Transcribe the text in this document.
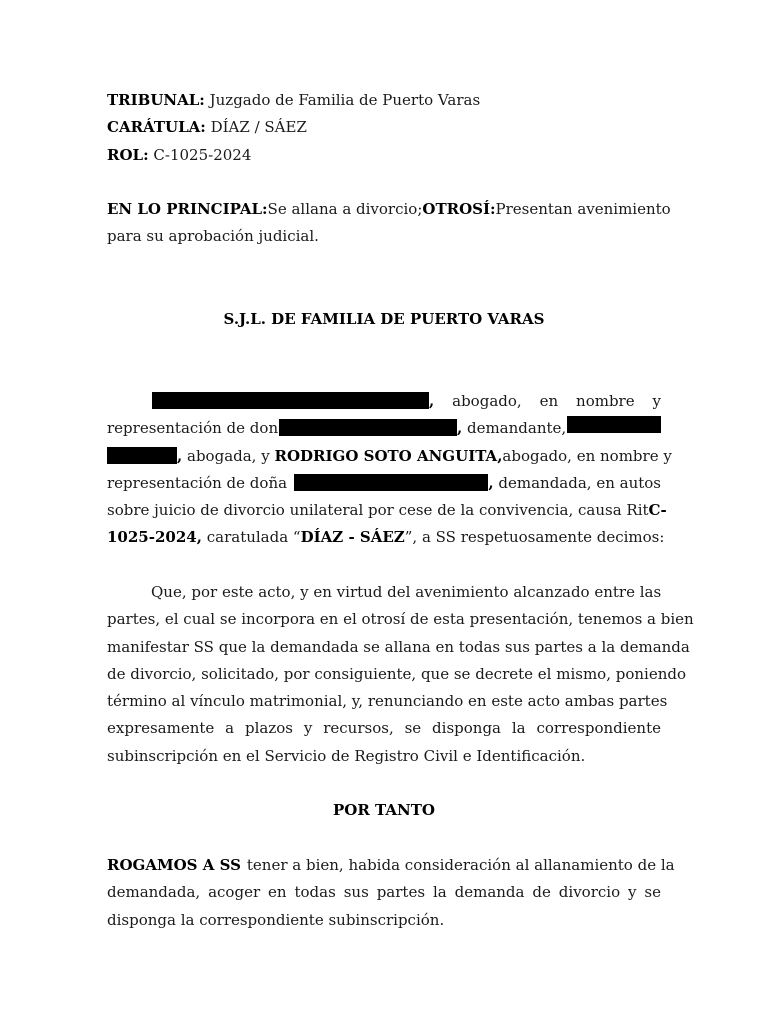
TRIBUNAL: Juzgado de Familia de Puerto Varas
CARÁTULA: DÍAZ / SÁEZ
ROL: C-1025-2024
EN LO PRINCIPAL: Se allana a divorcio; OTROSÍ: Presentan avenimiento
para su aprobación judicial.
S.J.L. DE FAMILIA DE PUERTO VARAS
, abogado, en nombre y
representación de don	, demandante,
, abogada, y RODRIGO SOTO ANGUITA, abogado, en nombre y
representación de doña	, demandada, en autos
sobre juicio de divorcio unilateral por cese de la convivencia, causa Rit C-
1025-2024, caratulada “DÍAZ - SÁEZ”, a SS respetuosamente decimos:
Que, por este acto, y en virtud del avenimiento alcanzado entre las
partes, el cual se incorpora en el otrosí de esta presentación, tenemos a bien
manifestar SS que la demandada se allana en todas sus partes a la demanda
de divorcio, solicitado, por consiguiente, que se decrete el mismo, poniendo
término al vínculo matrimonial, y, renunciando en este acto ambas partes
expresamente a plazos y recursos, se disponga la correspondiente
subinscripción en el Servicio de Registro Civil e Identificación.
POR TANTO
ROGAMOS A SS tener a bien, habida consideración al allanamiento de la
demandada, acoger en todas sus partes la demanda de divorcio y se
disponga la correspondiente subinscripción.
